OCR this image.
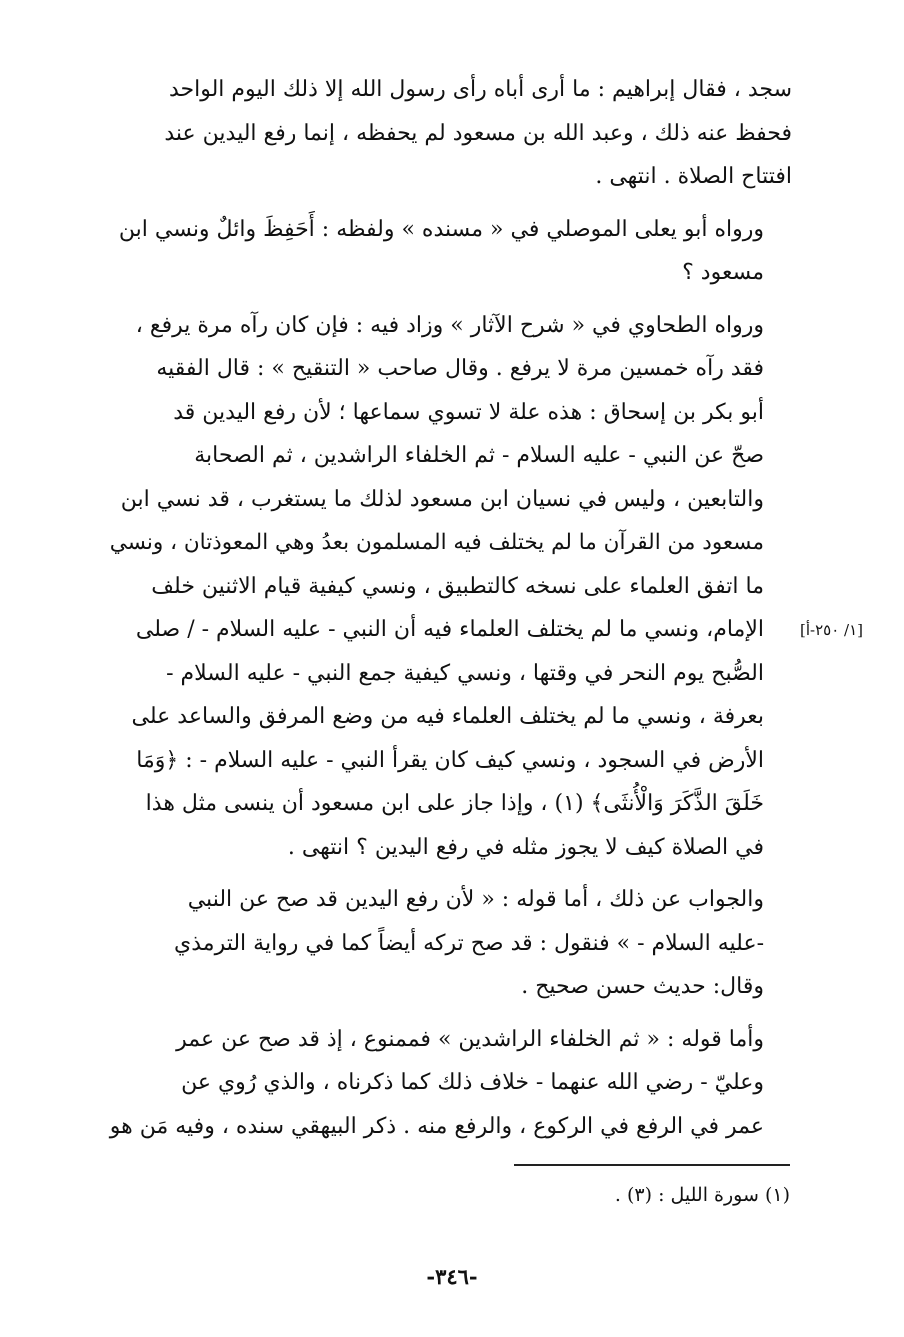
سجد ، فقال إبراهيم : ما أرى أباه رأى رسول الله إلا ذلك اليوم الواحد
فحفظ عنه ذلك ، وعبد الله بن مسعود لم يحفظه ، إنما رفع اليدين عند
افتتاح الصلاة . انتهى .

ورواه أبو يعلى الموصلي في « مسنده » ولفظه : أَحَفِظَ وائلٌ ونسي ابن
مسعود ؟

ورواه الطحاوي في « شرح الآثار » وزاد فيه : فإن كان رآه مرة يرفع ،
فقد رآه خمسين مرة لا يرفع . وقال صاحب « التنقيح » : قال الفقيه
أبو بكر بن إسحاق : هذه علة لا تسوي سماعها ؛ لأن رفع اليدين قد
صحّ عن النبي - عليه السلام - ثم الخلفاء الراشدين ، ثم الصحابة
والتابعين ، وليس في نسيان ابن مسعود لذلك ما يستغرب ، قد نسي ابن
مسعود من القرآن ما لم يختلف فيه المسلمون بعدُ وهي المعوذتان ، ونسي
ما اتفق العلماء على نسخه كالتطبيق ، ونسي كيفية قيام الاثنين خلف
الإمام، ونسي ما لم يختلف العلماء فيه أن النبي - عليه السلام - / صلى
الصُّبح يوم النحر في وقتها ، ونسي كيفية جمع النبي - عليه السلام -
بعرفة ، ونسي ما لم يختلف العلماء فيه من وضع المرفق والساعد على
الأرض في السجود ، ونسي كيف كان يقرأ النبي - عليه السلام - : ﴿وَمَا
خَلَقَ الذَّكَرَ وَالْأُنثَى﴾ (١) ، وإذا جاز على ابن مسعود أن ينسى مثل هذا
في الصلاة كيف لا يجوز مثله في رفع اليدين ؟ انتهى .

والجواب عن ذلك ، أما قوله : « لأن رفع اليدين قد صح عن النبي
-عليه السلام - » فنقول : قد صح تركه أيضاً كما في رواية الترمذي
وقال: حديث حسن صحيح .

وأما قوله : « ثم الخلفاء الراشدين » فممنوع ، إذ قد صح عن عمر
وعليّ - رضي الله عنهما - خلاف ذلك كما ذكرناه ، والذي رُوي عن
عمر في الرفع في الركوع ، والرفع منه . ذكر البيهقي سنده ، وفيه مَن هو

[١/ ٢٥٠-أ]
(١) سورة الليل : (٣) .
-٣٤٦-
